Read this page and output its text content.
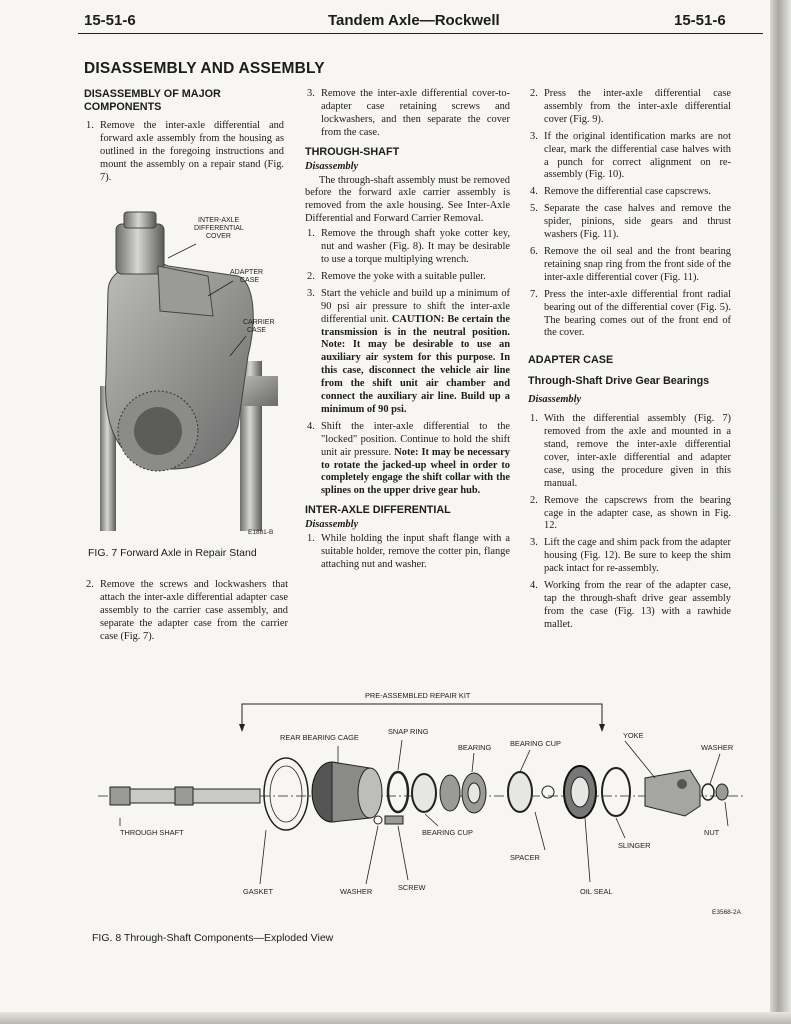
15-51-6	Tandem Axle—Rockwell	15-51-6
DISASSEMBLY AND ASSEMBLY
DISASSEMBLY OF MAJOR COMPONENTS
1. Remove the inter-axle differential and forward axle assembly from the housing as outlined in the foregoing instructions and mount the assembly on a repair stand (Fig. 7).
INTER-AXLE
DIFFERENTIAL
COVER
ADAPTER
CASE
CARRIER
CASE
E1881-B
FIG. 7 Forward Axle in Repair Stand
2. Remove the screws and lockwashers that attach the inter-axle differential adapter case assembly to the carrier case assembly, and separate the adapter case from the carrier case (Fig. 7).
3. Remove the inter-axle differential cover-to-adapter case retaining screws and lockwashers, and then separate the cover from the case.
THROUGH-SHAFT
Disassembly

The through-shaft assembly must be removed before the forward axle carrier assembly is removed from the axle housing. See Inter-Axle Differential and Forward Carrier Removal.

1. Remove the through shaft yoke cotter key, nut and washer (Fig. 8). It may be desirable to use a torque multiplying wrench.
2. Remove the yoke with a suitable puller.
3. Start the vehicle and build up a minimum of 90 psi air pressure to shift the inter-axle differential unit. CAUTION: Be certain the transmission is in the neutral position. Note: It may be desirable to use an auxiliary air system for this purpose. In this case, disconnect the vehicle air line from the shift unit air chamber and connect the auxiliary air line. Build up a minimum of 90 psi.
4. Shift the inter-axle differential to the "locked" position. Continue to hold the shift unit air pressure. Note: It may be necessary to rotate the jacked-up wheel in order to completely engage the shift collar with the splines on the upper drive gear hub.
INTER-AXLE DIFFERENTIAL
Disassembly
1. While holding the input shaft flange with a suitable holder, remove the cotter pin, flange attaching nut and washer.
2. Press the inter-axle differential case assembly from the inter-axle differential cover (Fig. 9).
3. If the original identification marks are not clear, mark the differential case halves with a punch for correct alignment on re-assembly (Fig. 10).
4. Remove the differential case capscrews.
5. Separate the case halves and remove the spider, pinions, side gears and thrust washers (Fig. 11).
6. Remove the oil seal and the front bearing retaining snap ring from the front side of the inter-axle differential cover (Fig. 11).
7. Press the inter-axle differential front radial bearing out of the differential cover (Fig. 5). The bearing comes out of the front end of the cover.
ADAPTER CASE
Through-Shaft Drive Gear Bearings
Disassembly
1. With the differential assembly (Fig. 7) removed from the axle and mounted in a stand, remove the inter-axle differential cover, inter-axle differential and adapter case, using the procedure given in this manual.
2. Remove the capscrews from the bearing cage in the adapter case, as shown in Fig. 12.
3. Lift the cage and shim pack from the adapter housing (Fig. 12). Be sure to keep the shim pack intact for re-assembly.
4. Working from the rear of the adapter case, tap the through-shaft drive gear assembly from the case (Fig. 13) with a rawhide mallet.
PRE-ASSEMBLED REPAIR KIT
REAR BEARING CAGE
SNAP RING
BEARING	BEARING CUP
YOKE
WASHER
THROUGH SHAFT	BEARING CUP
SLINGER
NUT
SPACER
GASKET	WASHER	SCREW	OIL SEAL
E3568-2A
FIG. 8 Through-Shaft Components—Exploded View
